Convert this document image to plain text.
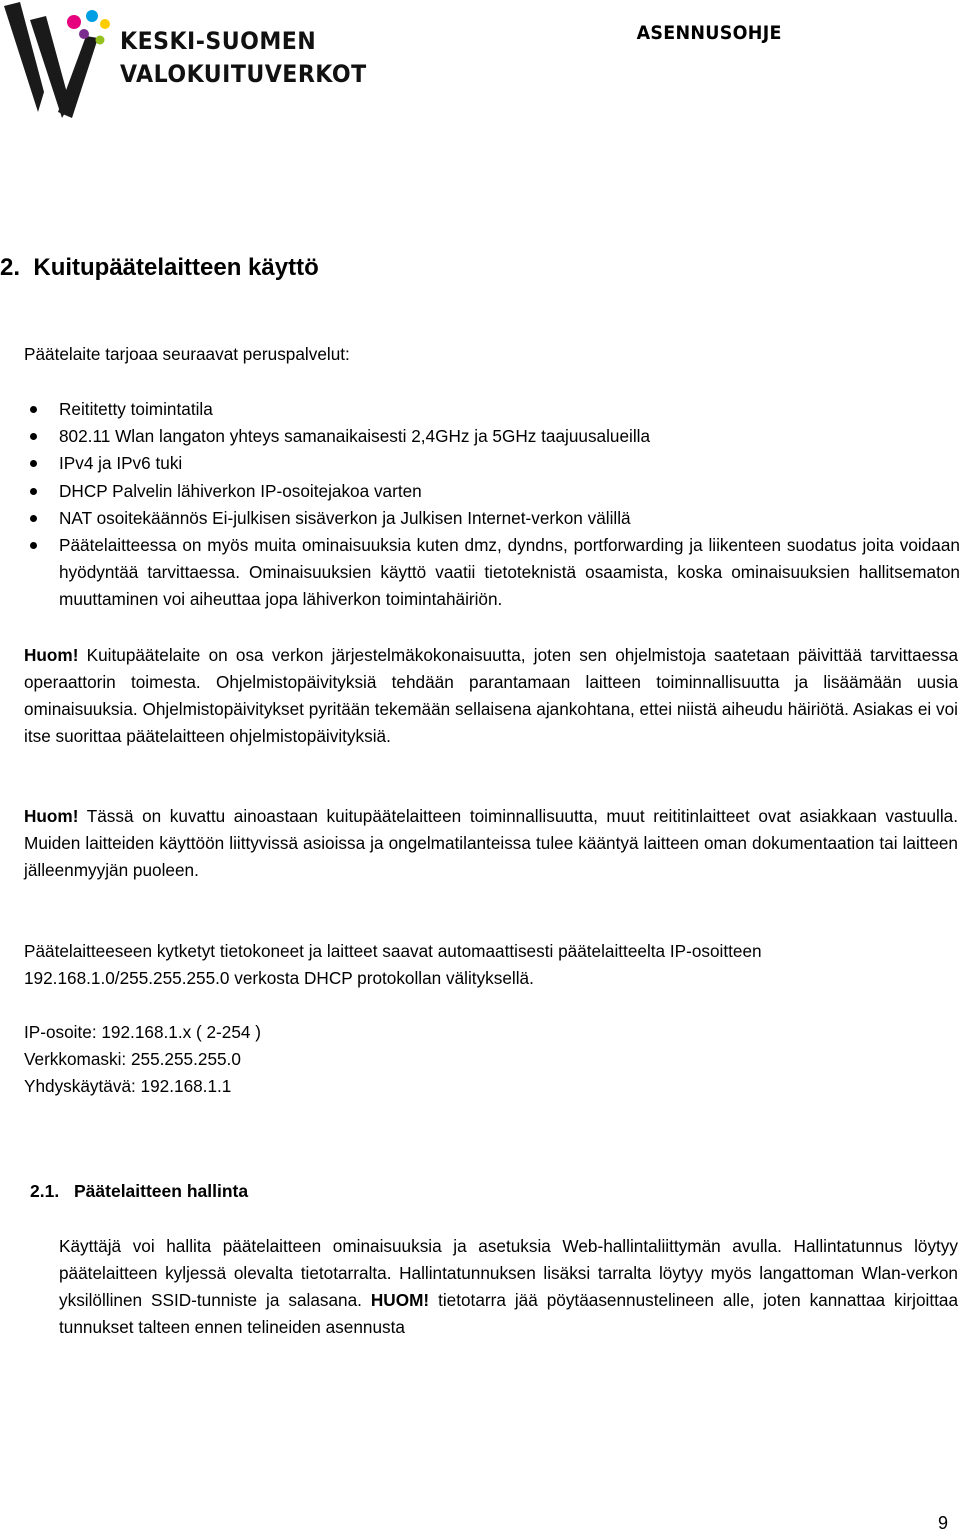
KESKI-SUOMEN
VALOKUITUVERKOT
ASENNUSOHJE
2. Kuitupäätelaitteen käyttö
Päätelaite tarjoaa seuraavat peruspalvelut:
Reititetty toimintatila
802.11 Wlan langaton yhteys samanaikaisesti 2,4GHz ja 5GHz taajuusalueilla
IPv4 ja IPv6 tuki
DHCP Palvelin lähiverkon IP-osoitejakoa varten
NAT osoitekäännös Ei-julkisen sisäverkon ja Julkisen Internet-verkon välillä
Päätelaitteessa on myös muita ominaisuuksia kuten dmz, dyndns, portforwarding ja liikenteen suodatus joita voidaan hyödyntää tarvittaessa. Ominaisuuksien käyttö vaatii tietoteknistä osaamista, koska ominaisuuksien hallitsematon muuttaminen voi aiheuttaa jopa lähiverkon toimintahäiriön.
Huom! Kuitupäätelaite on osa verkon järjestelmäkokonaisuutta, joten sen ohjelmistoja saatetaan päivittää tarvittaessa operaattorin toimesta. Ohjelmistopäivityksiä tehdään parantamaan laitteen toiminnallisuutta ja lisäämään uusia ominaisuuksia. Ohjelmistopäivitykset pyritään tekemään sellaisena ajankohtana, ettei niistä aiheudu häiriötä. Asiakas ei voi itse suorittaa päätelaitteen ohjelmistopäivityksiä.
Huom! Tässä on kuvattu ainoastaan kuitupäätelaitteen toiminnallisuutta, muut reititinlaitteet ovat asiakkaan vastuulla. Muiden laitteiden käyttöön liittyvissä asioissa ja ongelmatilanteissa tulee kääntyä laitteen oman dokumentaation tai laitteen jälleenmyyjän puoleen.
Päätelaitteeseen kytketyt tietokoneet ja laitteet saavat automaattisesti päätelaitteelta IP-osoitteen 192.168.1.0/255.255.255.0 verkosta DHCP protokollan välityksellä.
IP-osoite: 192.168.1.x ( 2-254 )
Verkkomaski: 255.255.255.0
Yhdyskäytävä: 192.168.1.1
2.1. Päätelaitteen hallinta
Käyttäjä voi hallita päätelaitteen ominaisuuksia ja asetuksia Web-hallintaliittymän avulla. Hallintatunnus löytyy päätelaitteen kyljessä olevalta tietotarralta. Hallintatunnuksen lisäksi tarralta löytyy myös langattoman Wlan-verkon yksilöllinen SSID-tunniste ja salasana. HUOM! tietotarra jää pöytäasennustelineen alle, joten kannattaa kirjoittaa tunnukset talteen ennen telineiden asennusta
9
